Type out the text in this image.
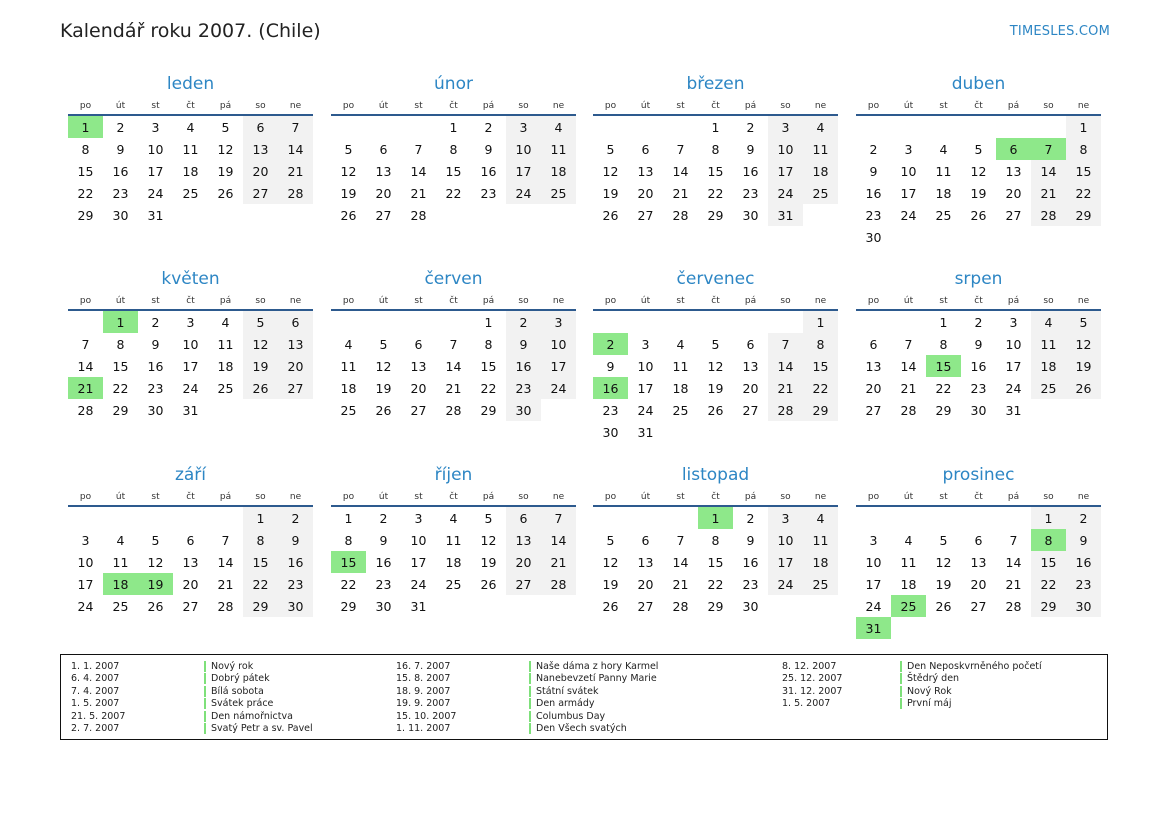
Kalendář roku 2007. (Chile)	TIMESLES.COM
leden
po	út	st	čt	pá	so	ne
1	2	3	4	5	6	7
8	9	10	11	12	13	14
15	16	17	18	19	20	21
22	23	24	25	26	27	28
29	30	31				
únor
po	út	st	čt	pá	so	ne
			1	2	3	4
5	6	7	8	9	10	11
12	13	14	15	16	17	18
19	20	21	22	23	24	25
26	27	28				
březen
po	út	st	čt	pá	so	ne
			1	2	3	4
5	6	7	8	9	10	11
12	13	14	15	16	17	18
19	20	21	22	23	24	25
26	27	28	29	30	31	
duben
po	út	st	čt	pá	so	ne
						1
2	3	4	5	6	7	8
9	10	11	12	13	14	15
16	17	18	19	20	21	22
23	24	25	26	27	28	29
30						
květen
po	út	st	čt	pá	so	ne
	1	2	3	4	5	6
7	8	9	10	11	12	13
14	15	16	17	18	19	20
21	22	23	24	25	26	27
28	29	30	31			
červen
po	út	st	čt	pá	so	ne
				1	2	3
4	5	6	7	8	9	10
11	12	13	14	15	16	17
18	19	20	21	22	23	24
25	26	27	28	29	30	
červenec
po	út	st	čt	pá	so	ne
						1
2	3	4	5	6	7	8
9	10	11	12	13	14	15
16	17	18	19	20	21	22
23	24	25	26	27	28	29
30	31					
srpen
po	út	st	čt	pá	so	ne
		1	2	3	4	5
6	7	8	9	10	11	12
13	14	15	16	17	18	19
20	21	22	23	24	25	26
27	28	29	30	31		
září
po	út	st	čt	pá	so	ne
					1	2
3	4	5	6	7	8	9
10	11	12	13	14	15	16
17	18	19	20	21	22	23
24	25	26	27	28	29	30
říjen
po	út	st	čt	pá	so	ne
1	2	3	4	5	6	7
8	9	10	11	12	13	14
15	16	17	18	19	20	21
22	23	24	25	26	27	28
29	30	31				
listopad
po	út	st	čt	pá	so	ne
			1	2	3	4
5	6	7	8	9	10	11
12	13	14	15	16	17	18
19	20	21	22	23	24	25
26	27	28	29	30		
prosinec
po	út	st	čt	pá	so	ne
					1	2
3	4	5	6	7	8	9
10	11	12	13	14	15	16
17	18	19	20	21	22	23
24	25	26	27	28	29	30
31						
1. 1. 2007	Nový rok
6. 4. 2007	Dobrý pátek
7. 4. 2007	Bílá sobota
1. 5. 2007	Svátek práce
21. 5. 2007	Den námořnictva
2. 7. 2007	Svatý Petr a sv. Pavel
16. 7. 2007	Naše dáma z hory Karmel
15. 8. 2007	Nanebevzetí Panny Marie
18. 9. 2007	Státní svátek
19. 9. 2007	Den armády
15. 10. 2007	Columbus Day
1. 11. 2007	Den Všech svatých
8. 12. 2007	Den Neposkvrněného početí
25. 12. 2007	Štědrý den
31. 12. 2007	Nový Rok
1. 5. 2007	První máj
